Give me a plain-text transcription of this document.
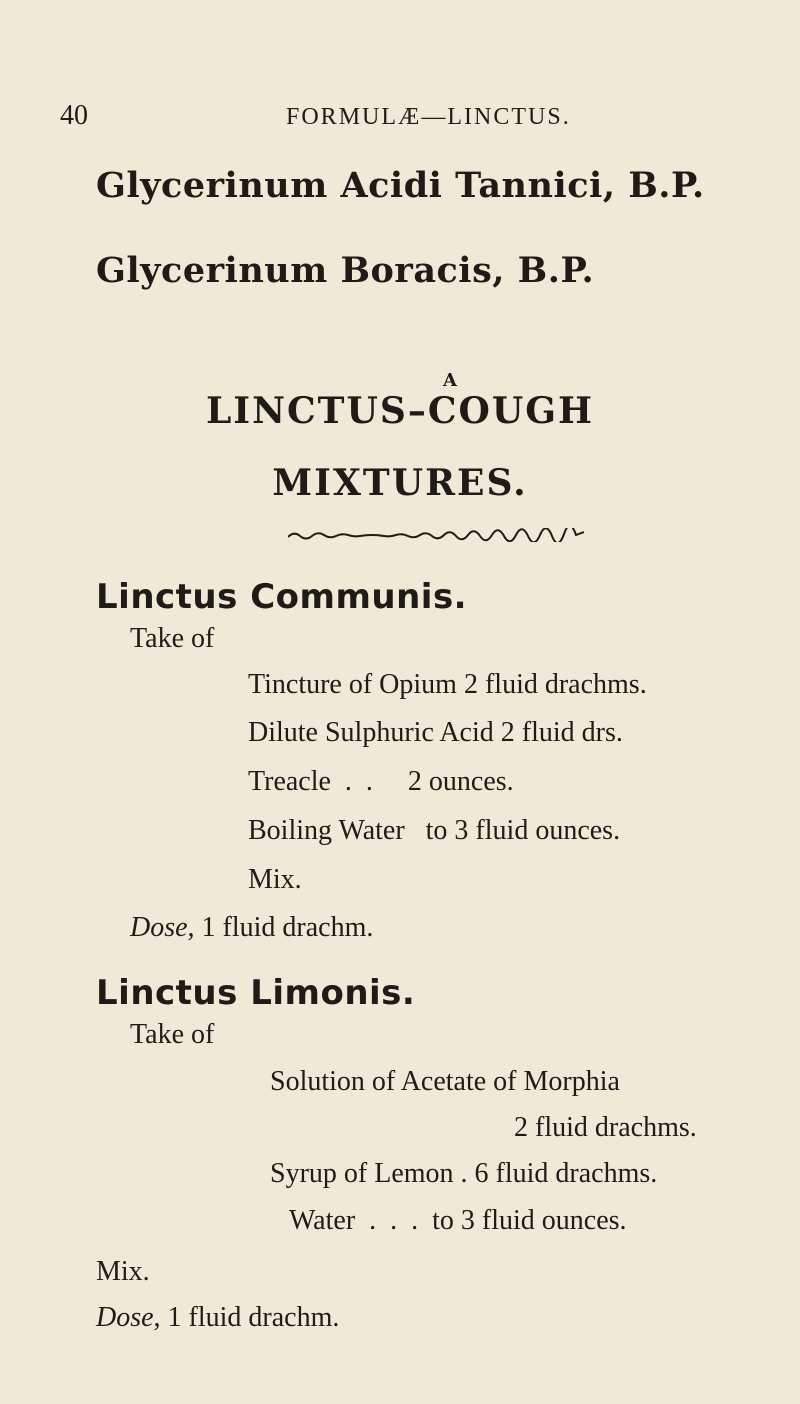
40	FORMULÆ—LINCTUS.
Glycerinum Acidi Tannici, B.P.
Glycerinum Boracis, B.P.
A
LINCTUS–COUGH
MIXTURES.
Linctus Communis.
Take of
Tincture of Opium 2 fluid drachms.
Dilute Sulphuric Acid 2 fluid drs.
Treacle  .  .     2 ounces.
Boiling Water   to 3 fluid ounces.
Mix.
Dose, 1 fluid drachm.
Linctus Limonis.
Take of
Solution of Acetate of Morphia
2 fluid drachms.
Syrup of Lemon . 6 fluid drachms.
Water  .  .  .  to 3 fluid ounces.
Mix.
Dose, 1 fluid drachm.
